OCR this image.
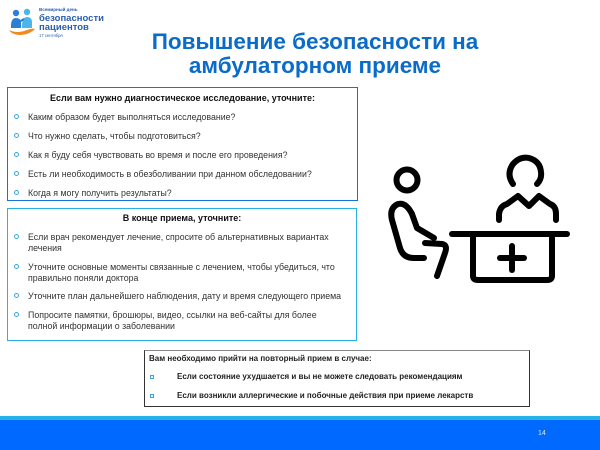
Всемирный день
безопасности
пациентов
17 сентября	Повышение безопасности на
амбулаторном приеме
Если вам нужно диагностическое исследование, уточните:
Каким образом будет выполняться исследование?
Что нужно сделать, чтобы подготовиться?
Как я буду себя чувствовать во время и после его проведения?
Есть ли необходимость в обезболивании при данном обследовании?
Когда я могу получить результаты?
В конце приема, уточните:
Если врач рекомендует лечение, спросите об альтернативных вариантах лечения
Уточните основные моменты связанные с лечением, чтобы убедиться, что правильно поняли доктора
Уточните план дальнейшего наблюдения, дату и время следующего приема
Попросите памятки, брошюры, видео, ссылки на веб-сайты для более полной информации о заболевании
Вам необходимо прийти на повторный прием в случае:
Если состояние ухудшается и вы не можете следовать рекомендациям
Если возникли аллергические и побочные действия при приеме лекарств
14
